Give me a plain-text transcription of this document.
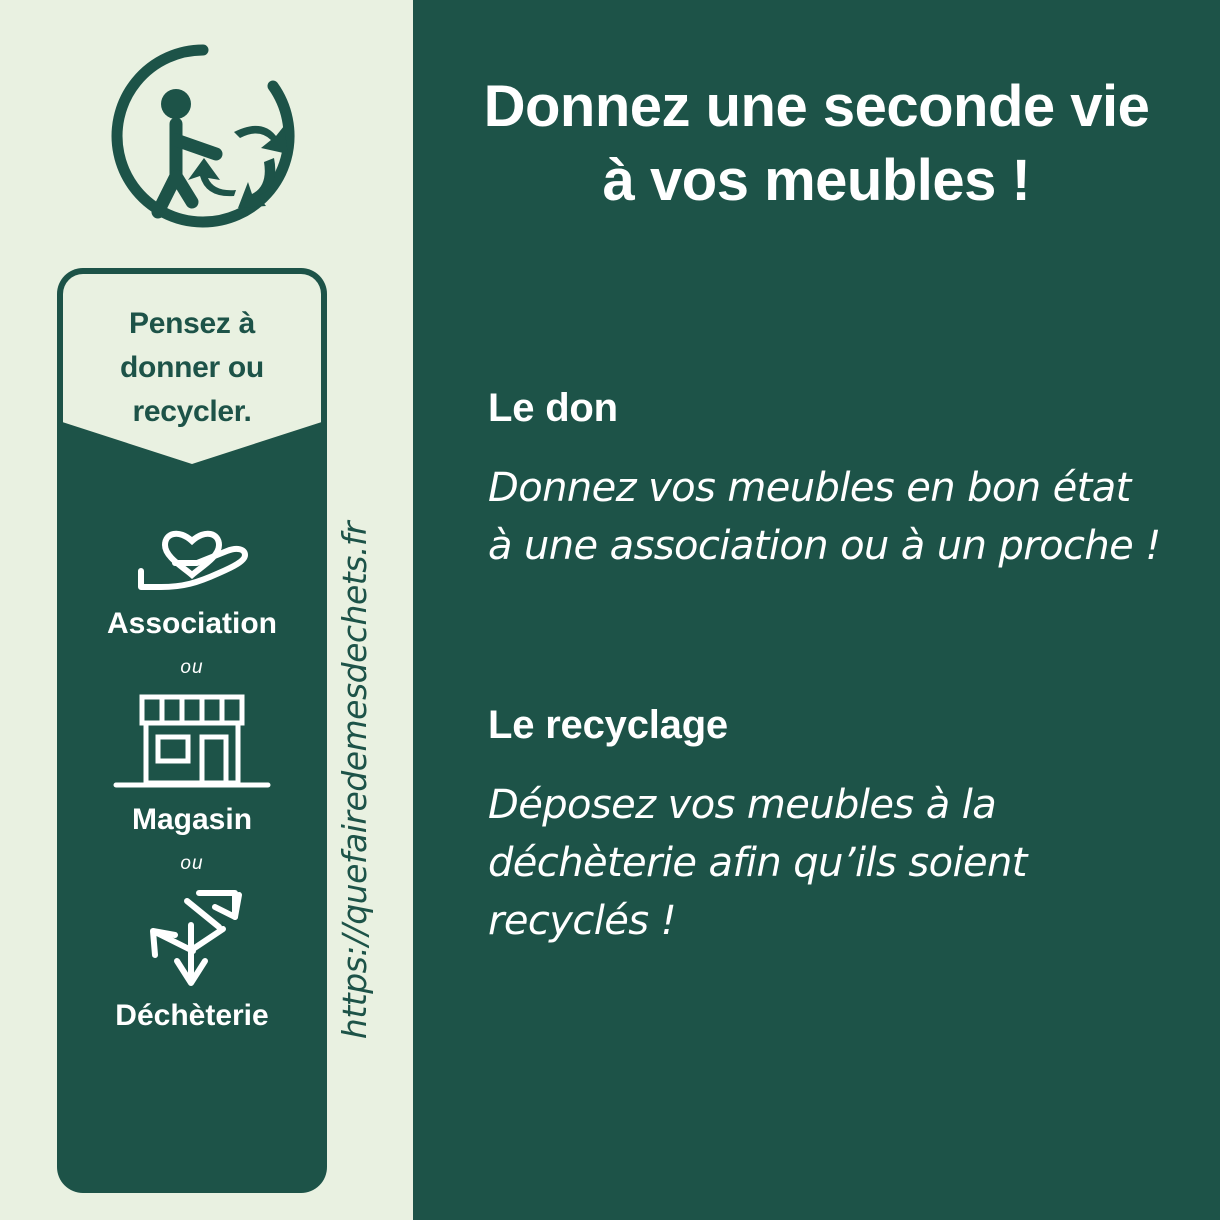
Pensez à
donner ou
recycler.
Association
ou
Magasin
ou
Déchèterie	https://quefairedemesdechets.fr
Donnez une seconde vie
à vos meubles !
Le don
Donnez vos meubles en bon état à une association ou à un proche !
Le recyclage
Déposez vos meubles à la déchèterie afin qu’ils soient recyclés !
